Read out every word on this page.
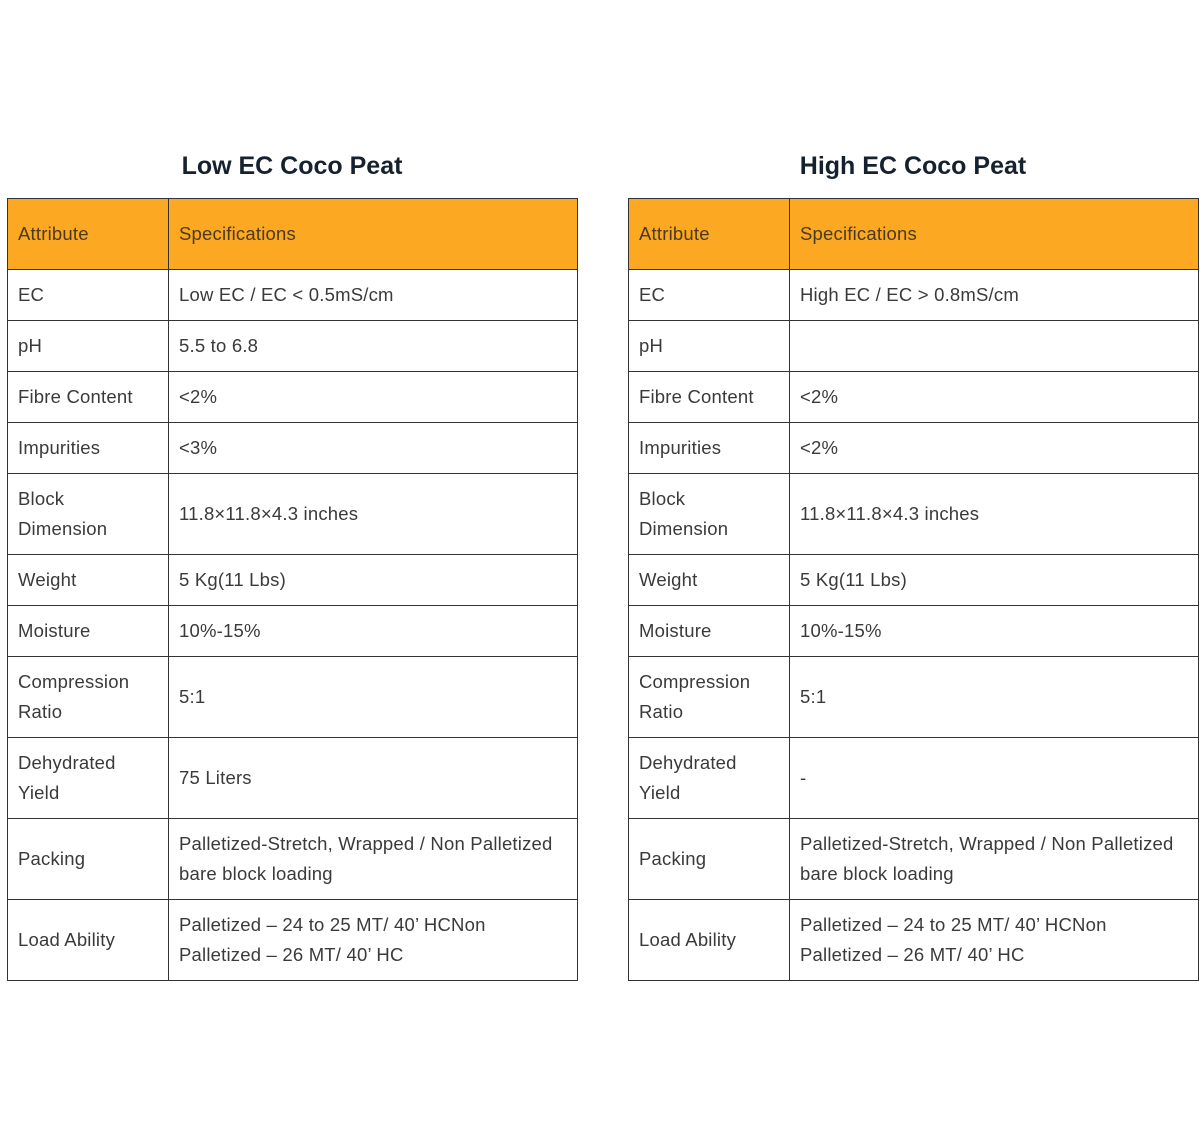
Low EC Coco Peat
Attribute	Specifications
EC	Low EC / EC < 0.5mS/cm
pH	5.5 to 6.8
Fibre Content	<2%
Impurities	<3%
Block Dimension	11.8×11.8×4.3 inches
Weight	5 Kg(11 Lbs)
Moisture	10%-15%
Compression Ratio	5:1
Dehydrated Yield	75 Liters
Packing	Palletized-Stretch, Wrapped / Non Palletized bare block loading
Load Ability	Palletized – 24 to 25 MT/ 40’ HCNon Palletized – 26 MT/ 40’ HC
High EC Coco Peat
Attribute	Specifications
EC	High EC / EC > 0.8mS/cm
pH	
Fibre Content	<2%
Impurities	<2%
Block Dimension	11.8×11.8×4.3 inches
Weight	5 Kg(11 Lbs)
Moisture	10%-15%
Compression Ratio	5:1
Dehydrated Yield	-
Packing	Palletized-Stretch, Wrapped / Non Palletized bare block loading
Load Ability	Palletized – 24 to 25 MT/ 40’ HCNon Palletized – 26 MT/ 40’ HC
